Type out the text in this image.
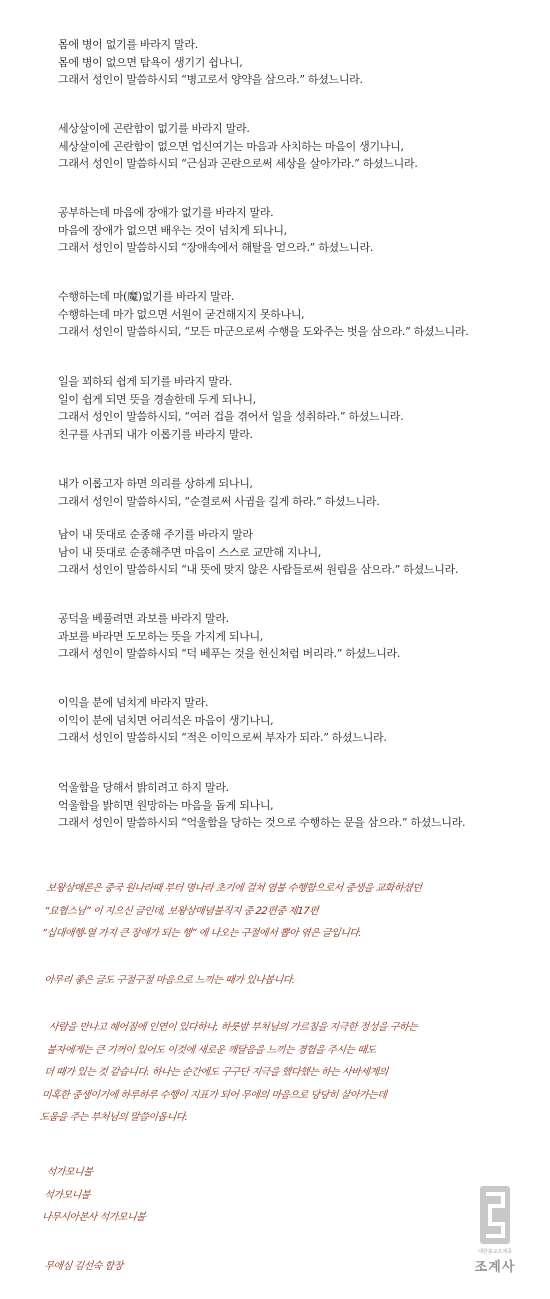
몸에 병이 없기를 바라지 말라.
몸에 병이 없으면 탐욕이 생기기 쉽나니,
그래서 성인이 말씀하시되 “병고로서 양약을 삼으라.” 하셨느니라.
세상살이에 곤란함이 없기를 바라지 말라.
세상살이에 곤란함이 없으면 업신여기는 마음과 사치하는 마음이 생기나니,
그래서 성인이 말씀하시되 “근심과 곤란으로써 세상을 살아가라.” 하셨느니라.
공부하는데 마음에 장애가 없기를 바라지 말라.
마음에 장애가 없으면 배우는 것이 넘치게 되나니,
그래서 성인이 말씀하시되 “장애속에서 해탈을 얻으라.” 하셨느니라.
수행하는데 마(魔)없기를 바라지 말라.
수행하는데 마가 없으면 서원이 굳건해지지 못하나니,
그래서 성인이 말씀하시되, “모든 마군으로써 수행을 도와주는 벗을 삼으라.” 하셨느니라.
일을 꾀하되 쉽게 되기를 바라지 말라.
일이 쉽게 되면 뜻을 경솔한데 두게 되나니,
그래서 성인이 말씀하시되, “여러 겁을 겪어서 일을 성취하라.” 하셨느니라.
친구를 사귀되 내가 이롭기를 바라지 말라.
내가 이롭고자 하면 의리를 상하게 되나니,
그래서 성인이 말씀하시되, “순결로써 사귐을 길게 하라.” 하셨느니라.
남이 내 뜻대로 순종해 주기를 바라지 말라
남이 내 뜻대로 순종해주면 마음이 스스로 교만해 지나니,
그래서 성인이 말씀하시되 “내 뜻에 맞지 않은 사람들로써 원림을 삼으라.” 하셨느니라.
공덕을 베풀려면 과보를 바라지 말라.
과보를 바라면 도모하는 뜻을 가지게 되나니,
그래서 성인이 말씀하시되 “덕 베푸는 것을 헌신처럼 버리라.” 하셨느니라.
이익을 분에 넘치게 바라지 말라.
이익이 분에 넘치면 어리석은 마음이 생기나니,
그래서 성인이 말씀하시되 “적은 이익으로써 부자가 되라.” 하셨느니라.
억울함을 당해서 밝히려고 하지 말라.
억울함을 밝히면 원망하는 마음을 돕게 되나니,
그래서 성인이 말씀하시되 “억울함을 당하는 것으로 수행하는 문을 삼으라.” 하셨느니라.
보왕삼매론은 중국 원나라때 부터 명나라 초기에 걸쳐 염불 수행함으로서 중생을 교화하셨던
“묘협스님” 이 지으신 글인데, 보왕삼매념불직지 중 22편중 제17편
“십대애행-열 가지 큰 장애가 되는 행” 에 나오는 구절에서 뽑아 엮은 글입니다.
아무리 좋은 글도 구절구절 마음으로 느끼는 때가 있나봅니다.
사람을 만나고 헤어짐에 인연이 있다하나, 하룻밤 부처님의 가르침을 지극한 정성을 구하는
불자에게는 큰 기꺼이 있어도 이것에 새로운 깨달음을 느끼는 경험을 주시는 때도
더 때가 있는 것 같습니다. 하나는 순간에도 구구단 지극을 했다했는 하는 사바세계의
미혹한 중생이기에 하루하루 수행이 지표가 되어 무애의 마음으로 당당히 살아가는데
도움을 주는 부처님의 말씀이옵니다.
석가모니불
석가모니불
나무시아본사 석가모니불
무애심 김선숙 합장
대한불교조계종
조계사
